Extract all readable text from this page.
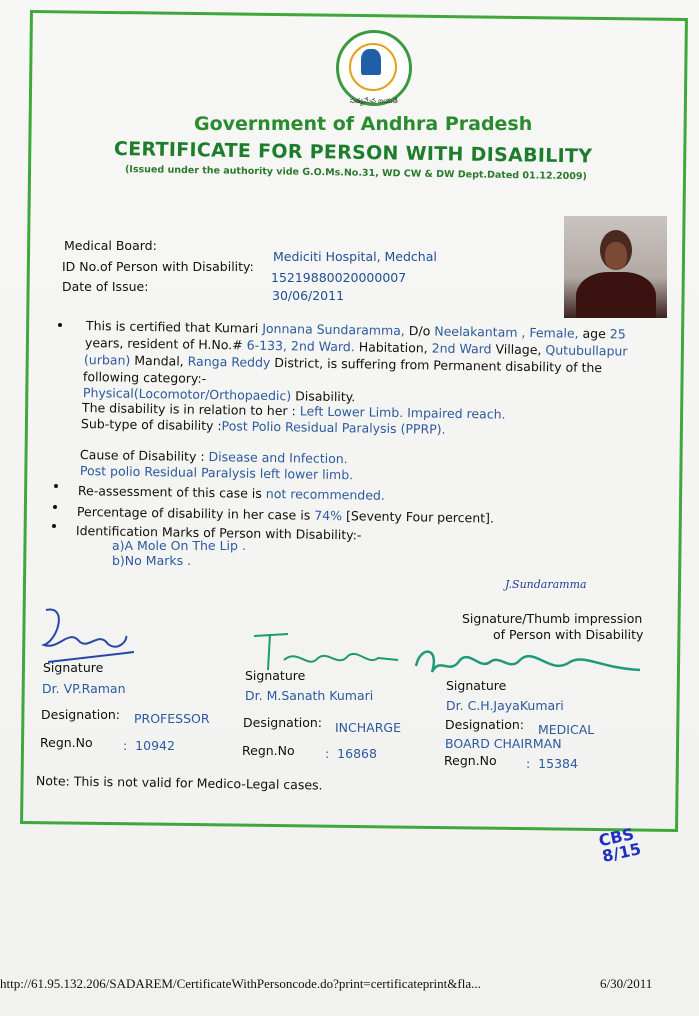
సత్యమేవ జయతే
Government of Andhra Pradesh
CERTIFICATE FOR PERSON WITH DISABILITY
(Issued under the authority vide G.O.Ms.No.31, WD CW & DW Dept.Dated 01.12.2009)
Medical Board:
Mediciti Hospital, Medchal
ID No.of Person with Disability:
15219880020000007
Date of Issue:
30/06/2011
This is certified that Kumari Jonnana Sundaramma, D/o Neelakantam , Female, age 25
years, resident of H.No.# 6-133, 2nd Ward. Habitation, 2nd Ward Village, Qutubullapur
(urban) Mandal, Ranga Reddy District, is suffering from Permanent disability of the
following category:-
Physical(Locomotor/Orthopaedic) Disability.
The disability is in relation to her : Left Lower Limb. Impaired reach.
Sub-type of disability :Post Polio Residual Paralysis (PPRP).
Cause of Disability : Disease and Infection.
Post polio Residual Paralysis left lower limb.
Re-assessment of this case is not recommended.
Percentage of disability in her case is 74% [Seventy Four percent].
Identification Marks of Person with Disability:-
a)A Mole On The Lip .
b)No Marks .
J.Sundaramma
Signature/Thumb impression
of Person with Disability
Signature
Dr. VP.Raman
Designation: PROFESSOR
Regn.No :  10942
Signature
Dr. M.Sanath Kumari
Designation: INCHARGE
Regn.No :  16868
Signature
Dr. C.H.JayaKumari
Designation: MEDICAL
BOARD CHAIRMAN
Regn.No :  15384
Note: This is not valid for Medico-Legal cases.
CBS 8/15
http://61.95.132.206/SADAREM/CertificateWithPersoncode.do?print=certificateprint&fla...	6/30/2011
